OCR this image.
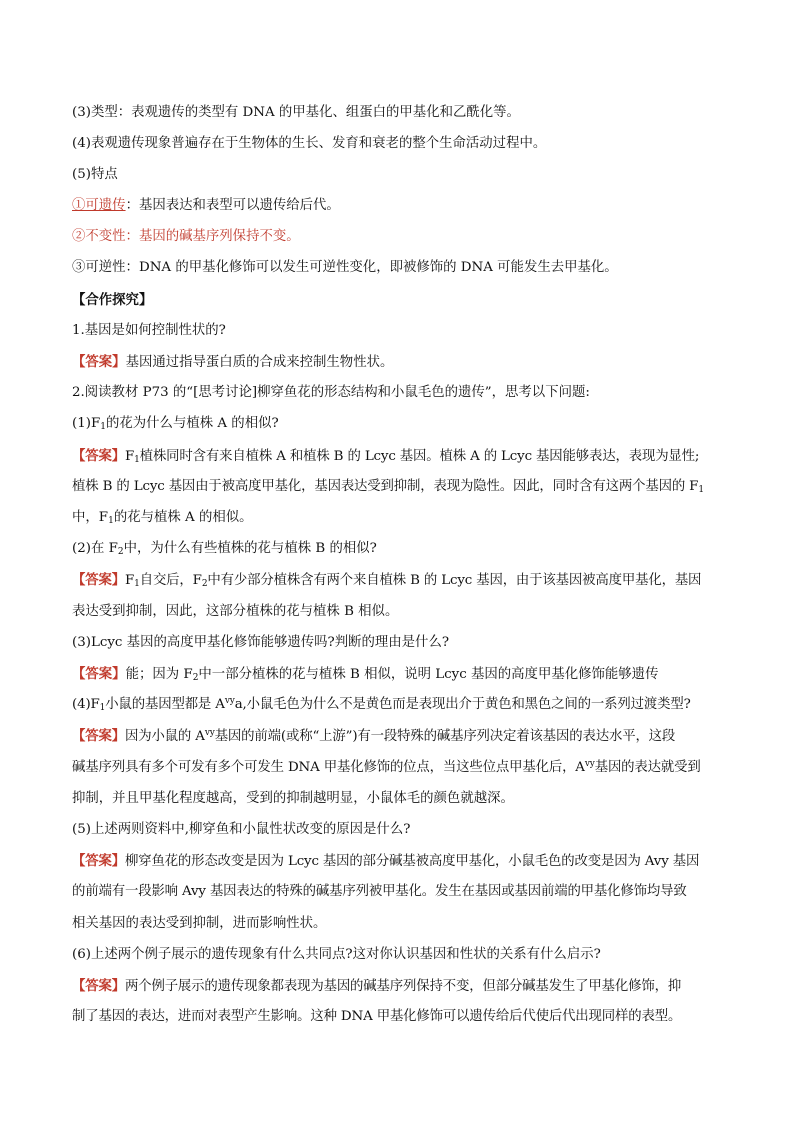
(3)类型：表观遗传的类型有 DNA 的甲基化、组蛋白的甲基化和乙酰化等。
(4)表观遗传现象普遍存在于生物体的生长、发育和衰老的整个生命活动过程中。
(5)特点
①可遗传：基因表达和表型可以遗传给后代。
②不变性：基因的碱基序列保持不变。
③可逆性：DNA 的甲基化修饰可以发生可逆性变化，即被修饰的 DNA 可能发生去甲基化。
【合作探究】
1.基因是如何控制性状的?
【答案】基因通过指导蛋白质的合成来控制生物性状。
2.阅读教材 P73 的“[思考讨论]柳穿鱼花的形态结构和小鼠毛色的遗传”，思考以下问题:
$(1)F_1$的花为什么与植株 A 的相似?
【答案】$F_1$植株同时含有来自植株 A 和植株 B 的 Lcyc 基因。植株 A 的 Lcyc 基因能够表达，表现为显性;
植株 B 的 Lcyc 基因由于被高度甲基化，基因表达受到抑制，表现为隐性。因此，同时含有这两个基因的 $F_1$
中，$F_1$的花与植株 A 的相似。
(2)在 $F_2$中，为什么有些植株的花与植株 B 的相似?
【答案】$F_1$自交后，$F_2$中有少部分植株含有两个来自植株 B 的 Lcyc 基因，由于该基因被高度甲基化，基因
表达受到抑制，因此，这部分植株的花与植株 B 相似。
(3)Lcyc 基因的高度甲基化修饰能够遗传吗?判断的理由是什么?
【答案】能；因为 $F_2$中一部分植株的花与植株 B 相似，说明 Lcyc 基因的高度甲基化修饰能够遗传
$(4)F_1$小鼠的基因型都是 $A^{vy}a$,小鼠毛色为什么不是黄色而是表现出介于黄色和黑色之间的一系列过渡类型?
【答案】因为小鼠的 $A^{vy}$基因的前端(或称“上游”)有一段特殊的碱基序列决定着该基因的表达水平，这段
碱基序列具有多个可发有多个可发生 DNA 甲基化修饰的位点，当这些位点甲基化后，$A^{vy}$基因的表达就受到
抑制，并且甲基化程度越高，受到的抑制越明显，小鼠体毛的颜色就越深。
(5)上述两则资料中,柳穿鱼和小鼠性状改变的原因是什么?
【答案】柳穿鱼花的形态改变是因为 Lcyc 基因的部分碱基被高度甲基化，小鼠毛色的改变是因为 Avy 基因
的前端有一段影响 Avy 基因表达的特殊的碱基序列被甲基化。发生在基因或基因前端的甲基化修饰均导致
相关基因的表达受到抑制，进而影响性状。
(6)上述两个例子展示的遗传现象有什么共同点?这对你认识基因和性状的关系有什么启示?
【答案】两个例子展示的遗传现象都表现为基因的碱基序列保持不变，但部分碱基发生了甲基化修饰，抑
制了基因的表达，进而对表型产生影响。这种 DNA 甲基化修饰可以遗传给后代使后代出现同样的表型。
